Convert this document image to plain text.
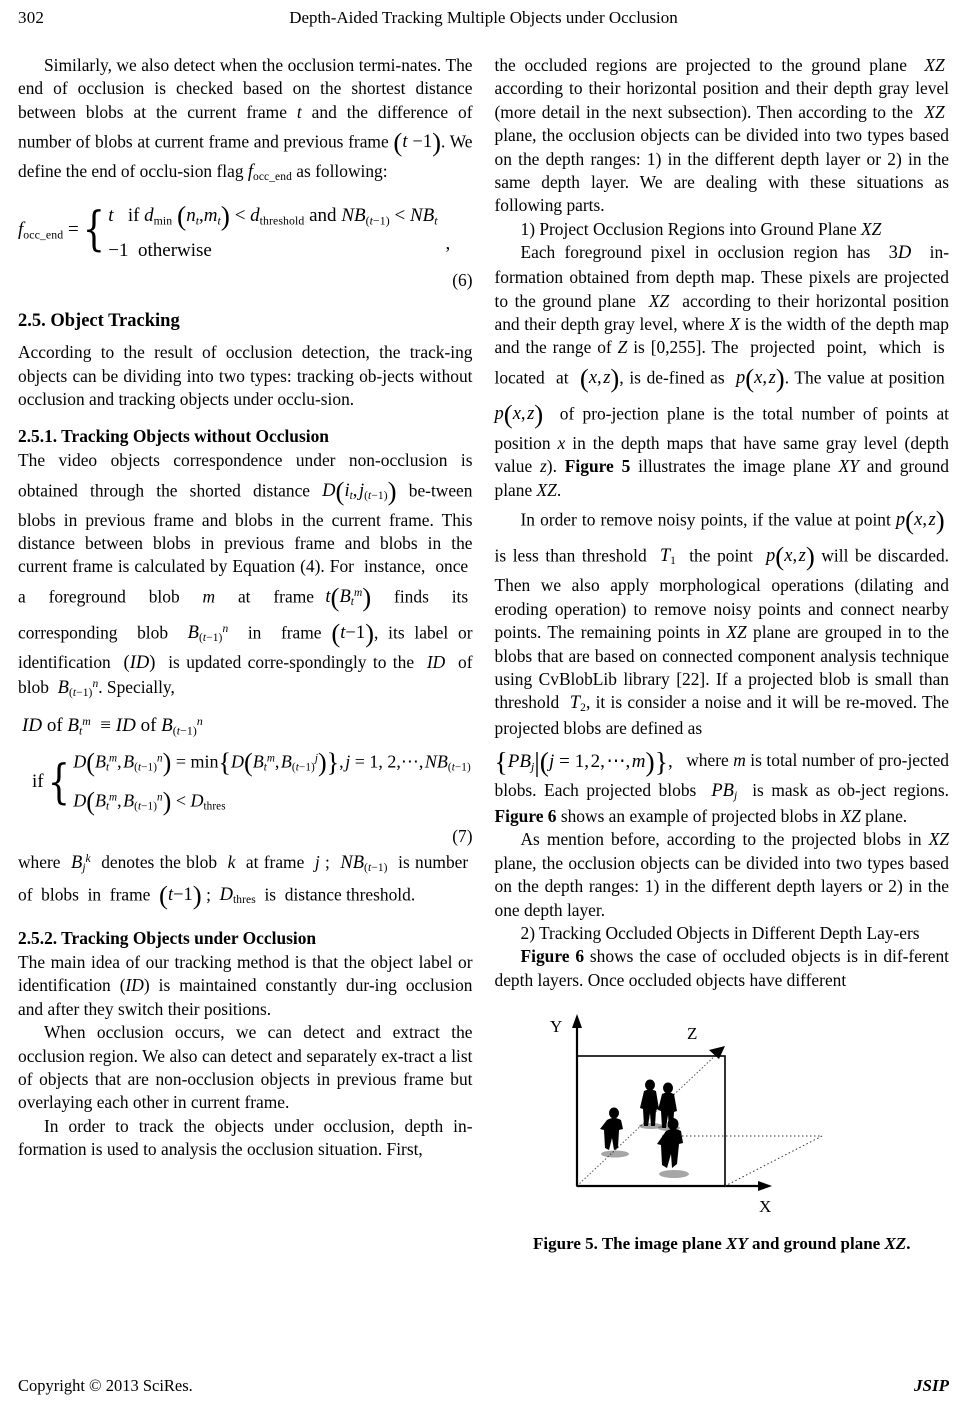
302	Depth-Aided Tracking Multiple Objects under Occlusion

Similarly, we also detect when the occlusion termi-nates. The end of occlusion is checked based on the shortest distance between blobs at the current frame t and the difference of number of blobs at current frame and previous frame (t −1). We define the end of occlu-sion flag $f_{occ\_end}$ as following:

$f_{occ\_end}$ = { t   if $d_{min}$ $(n_t,m_t) < d_{threshold}$ and $NB_{(t-1)} < NB_t$
−1  otherwise	,
(6)
2.5. Object Tracking

According to the result of occlusion detection, the track-ing objects can be dividing into two types: tracking ob-jects without occlusion and tracking objects under occlu-sion.

2.5.1. Tracking Objects without Occlusion

The video objects correspondence under non-occlusion is obtained  through  the  shorted  distance  $D(i_t$, $j_{(t-1)}$)  be-tween blobs in previous frame and blobs in the current frame. This distance between blobs in previous frame and blobs in the current frame is calculated by Equation (4). For  instance,  once  a  foreground  blob  m  at  frame $t(B_t^m)$  finds  its  corresponding  blob  $B_{(t-1)}^n$  in  frame (t−1), its label or identification  (ID)  is updated corre-spondingly to the  ID  of blob  $B_{(t-1)}^n$. Specially,

ID of $B_t^m$  ≡ ID of $B_{(t-1)}^n$
if { $D(B_t^m$, $B_{(t-1)}^n) = \min\{D(B_t^m$, $B_{(t-1)}^j$)}, j = 1, 2,⋯, $NB_{(t-1)}$
$D(B_t^m$, $B_{(t-1)}^n) < D_{thres}$
(7)

where  $B_j^k$  denotes the blob  k  at frame  j ;  $NB_{(t-1)}$  is number  of  blobs  in  frame  (t−1) ;  $D_{thres}$  is  distance threshold.

2.5.2. Tracking Objects under Occlusion

The main idea of our tracking method is that the object label or identification (ID) is maintained constantly dur-ing occlusion and after they switch their positions.

When occlusion occurs, we can detect and extract the occlusion region. We also can detect and separately ex-tract a list of objects that are non-occlusion objects in previous frame but overlaying each other in current frame.

In order to track the objects under occlusion, depth in-formation is used to analysis the occlusion situation. First,

the occluded regions are projected to the ground plane  XZ  according to their horizontal position and their depth gray level (more detail in the next subsection). Then according to the  XZ  plane, the occlusion objects can be divided into two types based on the depth ranges: 1) in the different depth layer or 2) in the same depth layer. We are dealing with these situations as following parts.

1) Project Occlusion Regions into Ground Plane XZ

Each foreground pixel in occlusion region has  3D  in-formation obtained from depth map. These pixels are projected to the ground plane  XZ  according to their horizontal position and their depth gray level, where X is the width of the depth map and the range of Z is [0,255]. The  projected  point,  which  is  located  at  (x, z), is de-fined as  p(x, z). The value at position  p(x, z)  of pro-jection plane is the total number of points at position x in the depth maps that have same gray level (depth value z). Figure 5 illustrates the image plane XY and ground plane XZ.

In order to remove noisy points, if the value at point p(x, z)  is less than threshold  $T_1$  the point  p(x, z) will be discarded. Then we also apply morphological operations (dilating and eroding operation) to remove noisy points and connect nearby points. The remaining points in XZ plane are grouped in to the blobs that are based on connected component analysis technique using CvBlobLib library [22]. If a projected blob is small than threshold  $T_2$, it is consider a noise and it will be re-moved. The projected blobs are defined as

{$PB_j|(j = 1$, 2, ⋯, m)},   where m is total number of pro-jected blobs. Each projected blobs  $PB_j$  is mask as ob-ject regions. Figure 6 shows an example of projected blobs in XZ plane.

As mention before, according to the projected blobs in XZ plane, the occlusion objects can be divided into two types based on the depth ranges: 1) in the different depth layers or 2) in the one depth layer.

2) Tracking Occluded Objects in Different Depth Lay-ers

Figure 6 shows the case of occluded objects is in dif-ferent depth layers. Once occluded objects have different

Y
X
Z
Figure 5. The image plane XY and ground plane XZ.
Copyright © 2013 SciRes.	JSIP
